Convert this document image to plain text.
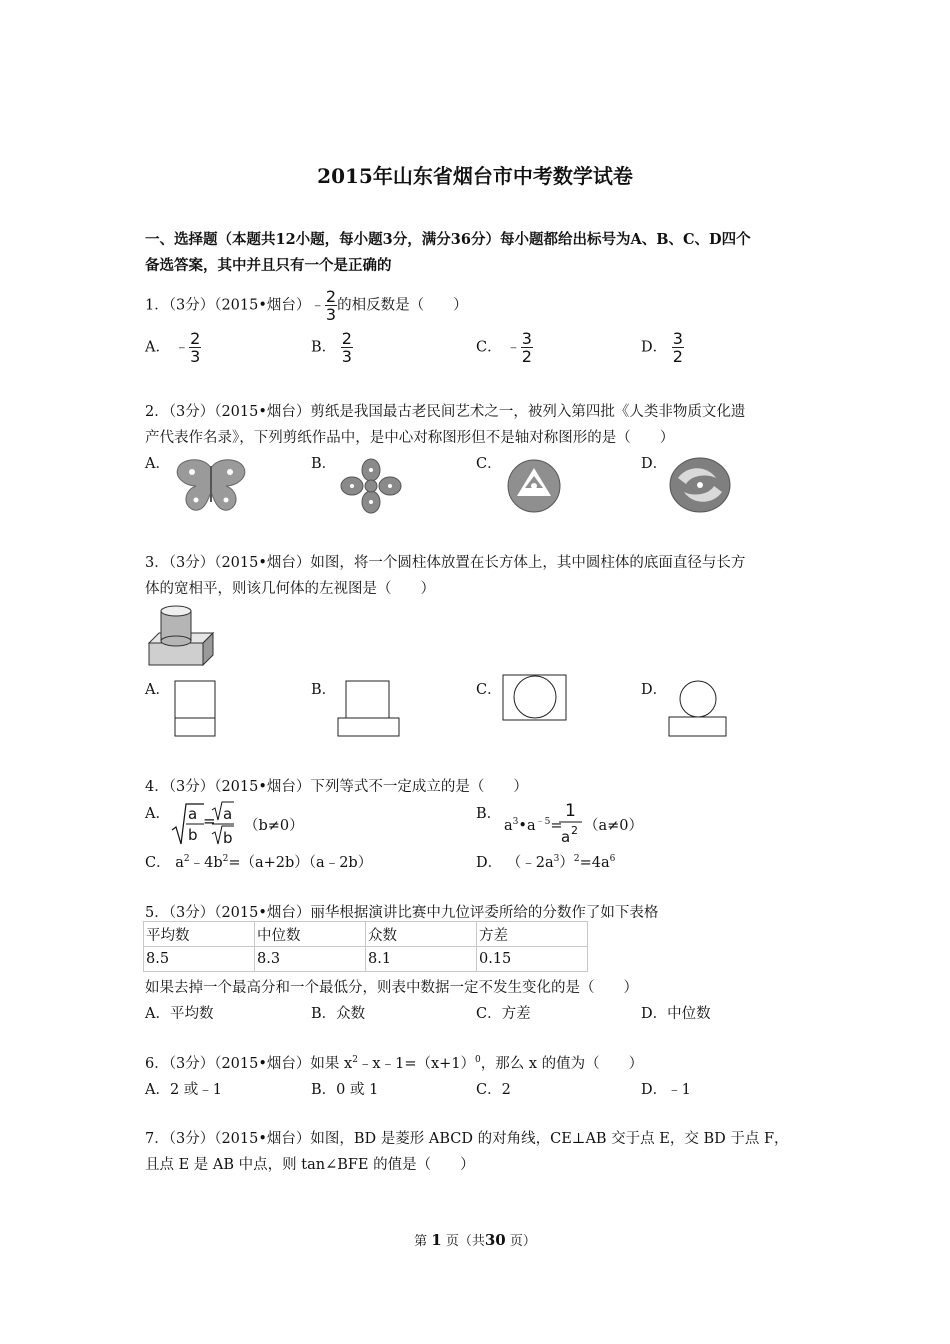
2015年山东省烟台市中考数学试卷
一、选择题（本题共12小题，每小题3分，满分36分）每小题都给出标号为A、B、C、D四个
备选答案，其中并且只有一个是正确的
1．（3分）（2015•烟台）﹣ $\frac{2}{3}$ 的相反数是（　　）
A． ﹣ $\frac{2}{3}$	B． $\frac{2}{3}$	C． ﹣ $\frac{3}{2}$	D． $\frac{3}{2}$
2．（3分）（2015•烟台）剪纸是我国最古老民间艺术之一，被列入第四批《人类非物质文化遗
产代表作名录》，下列剪纸作品中，是中心对称图形但不是轴对称图形的是（　　）
A．	B．	C．	D．
3．（3分）（2015•烟台）如图，将一个圆柱体放置在长方体上，其中圆柱体的底面直径与长方
体的宽相平，则该几何体的左视图是（　　）
A．	B．	C．	D．
4．（3分）（2015•烟台）下列等式不一定成立的是（　　）
A． a
b
= a
b
（b≠0）
B．
$a^3•a^{﹣5}=$
1
a 2 （a≠0）
C． $a^2﹣4b^2=(a+2b)(a﹣2b)$	D． $(﹣2a^3)^2=4a^6$
5．（3分）（2015•烟台）丽华根据演讲比赛中九位评委所给的分数作了如下表格
平均数	中位数	众数	方差
8.5	8.3	8.1	0.15
如果去掉一个最高分和一个最低分，则表中数据一定不发生变化的是（　　）
A．平均数	B．众数	C．方差	D．中位数
6．（3分）（2015•烟台）如果 $x^2﹣x﹣1=(x+1)^0$，那么 x 的值为（　　）
A．2 或﹣1	B．0 或 1	C．2	D．﹣1
7．（3分）（2015•烟台）如图，BD 是菱形 ABCD 的对角线，CE⊥AB 交于点 E，交 BD 于点 F，
且点 E 是 AB 中点，则 tan∠BFE 的值是（　　）
第 1 页（共30 页）
